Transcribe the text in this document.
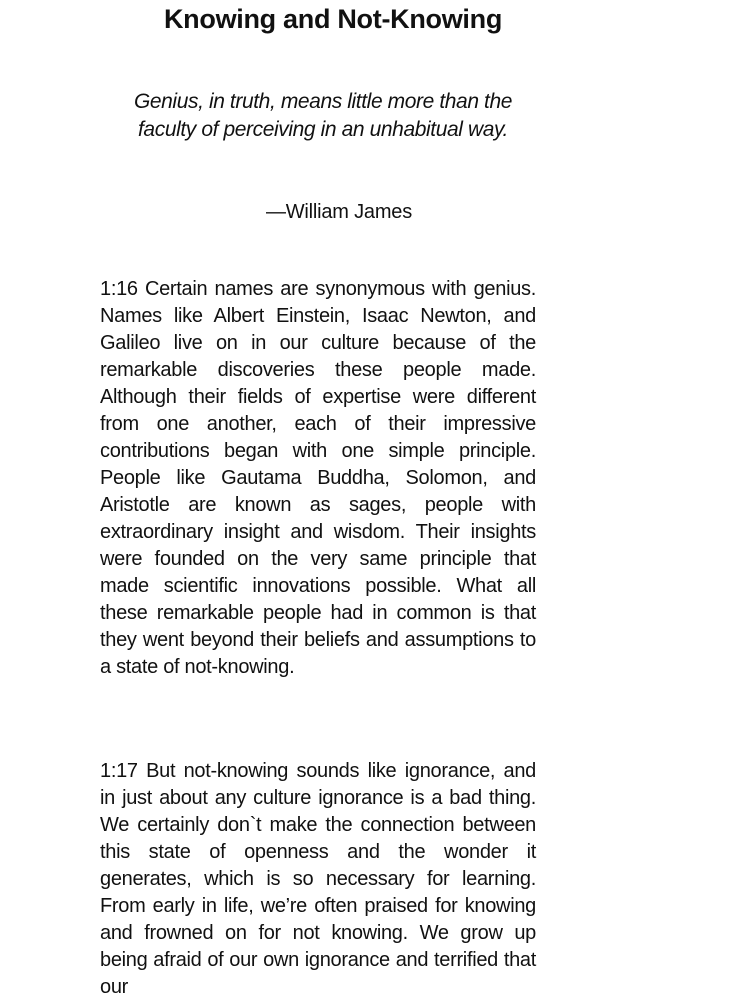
Knowing and Not-Knowing
Genius, in truth, means little more than the faculty of perceiving in an unhabitual way.
—William James

1:16 Certain names are synonymous with genius. Names like Albert Einstein, Isaac Newton, and Galileo live on in our culture because of the remarkable discoveries these people made. Although their fields of expertise were different from one another, each of their impressive contributions began with one simple principle. People like Gautama Buddha, Solomon, and Aristotle are known as sages, people with extraordinary insight and wisdom. Their insights were founded on the very same principle that made scientific innovations possible. What all these remarkable people had in common is that they went beyond their beliefs and assumptions to a state of not-knowing.

1:17 But not-knowing sounds like ignorance, and in just about any culture ignorance is a bad thing. We certainly don`t make the connection between this state of openness and the wonder it generates, which is so necessary for learning. From early in life, we’re often praised for knowing and frowned on for not knowing. We grow up being afraid of our own ignorance and terrified that our
